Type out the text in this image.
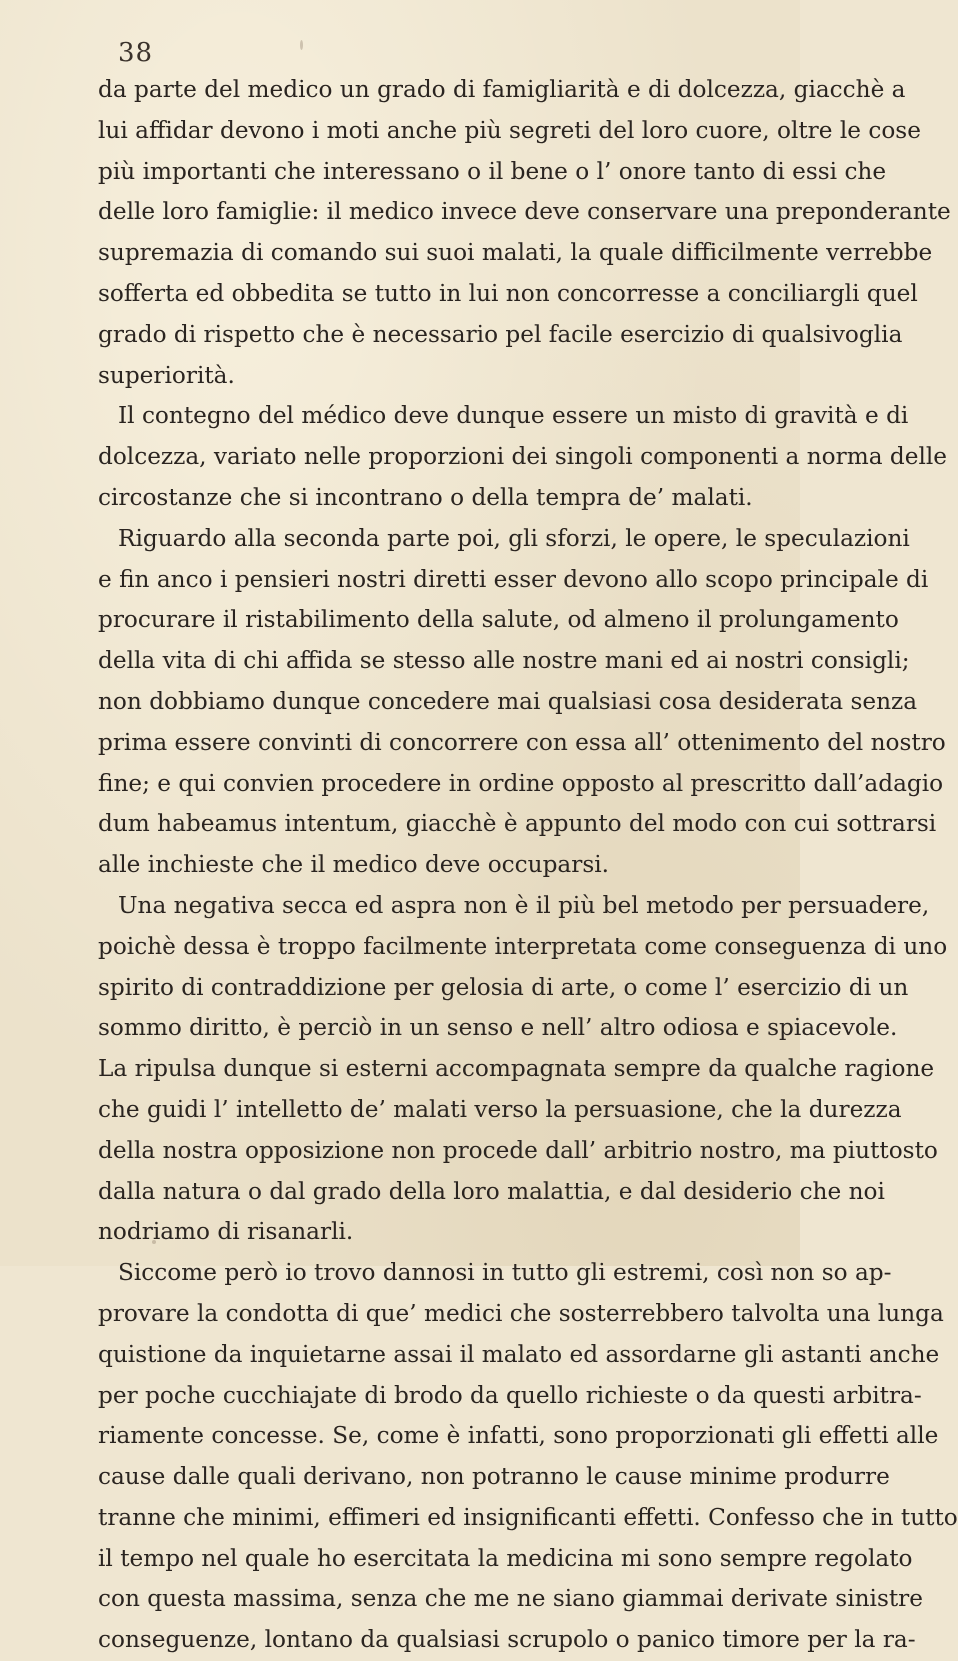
38
da parte del medico un grado di famigliarità e di dolcezza, giacchè a
lui affidar devono i moti anche più segreti del loro cuore, oltre le cose
più importanti che interessano o il bene o l’ onore tanto di essi che
delle loro famiglie: il medico invece deve conservare una preponderante
supremazia di comando sui suoi malati, la quale difficilmente verrebbe
sofferta ed obbedita se tutto in lui non concorresse a conciliargli quel
grado di rispetto che è necessario pel facile esercizio di qualsivoglia
superiorità.
Il contegno del médico deve dunque essere un misto di gravità e di
dolcezza, variato nelle proporzioni dei singoli componenti a norma delle
circostanze che si incontrano o della tempra de’ malati.
Riguardo alla seconda parte poi, gli sforzi, le opere, le speculazioni
e fin anco i pensieri nostri diretti esser devono allo scopo principale di
procurare il ristabilimento della salute, od almeno il prolungamento
della vita di chi affida se stesso alle nostre mani ed ai nostri consigli;
non dobbiamo dunque concedere mai qualsiasi cosa desiderata senza
prima essere convinti di concorrere con essa all’ ottenimento del nostro
fine; e qui convien procedere in ordine opposto al prescritto dall’adagio
dum habeamus intentum, giacchè è appunto del modo con cui sottrarsi
alle inchieste che il medico deve occuparsi.
Una negativa secca ed aspra non è il più bel metodo per persuadere,
poichè dessa è troppo facilmente interpretata come conseguenza di uno
spirito di contraddizione per gelosia di arte, o come l’ esercizio di un
sommo diritto, è perciò in un senso e nell’ altro odiosa e spiacevole.
La ripulsa dunque si esterni accompagnata sempre da qualche ragione
che guidi l’ intelletto de’ malati verso la persuasione, che la durezza
della nostra opposizione non procede dall’ arbitrio nostro, ma piuttosto
dalla natura o dal grado della loro malattia, e dal desiderio che noi
nodriamo di risanarli.
Siccome però io trovo dannosi in tutto gli estremi, così non so ap-
provare la condotta di que’ medici che sosterrebbero talvolta una lunga
quistione da inquietarne assai il malato ed assordarne gli astanti anche
per poche cucchiajate di brodo da quello richieste o da questi arbitra-
riamente concesse. Se, come è infatti, sono proporzionati gli effetti alle
cause dalle quali derivano, non potranno le cause minime produrre
tranne che minimi, effimeri ed insignificanti effetti. Confesso che in tutto
il tempo nel quale ho esercitata la medicina mi sono sempre regolato
con questa massima, senza che me ne siano giammai derivate sinistre
conseguenze, lontano da qualsiasi scrupolo o panico timore per la ra-
